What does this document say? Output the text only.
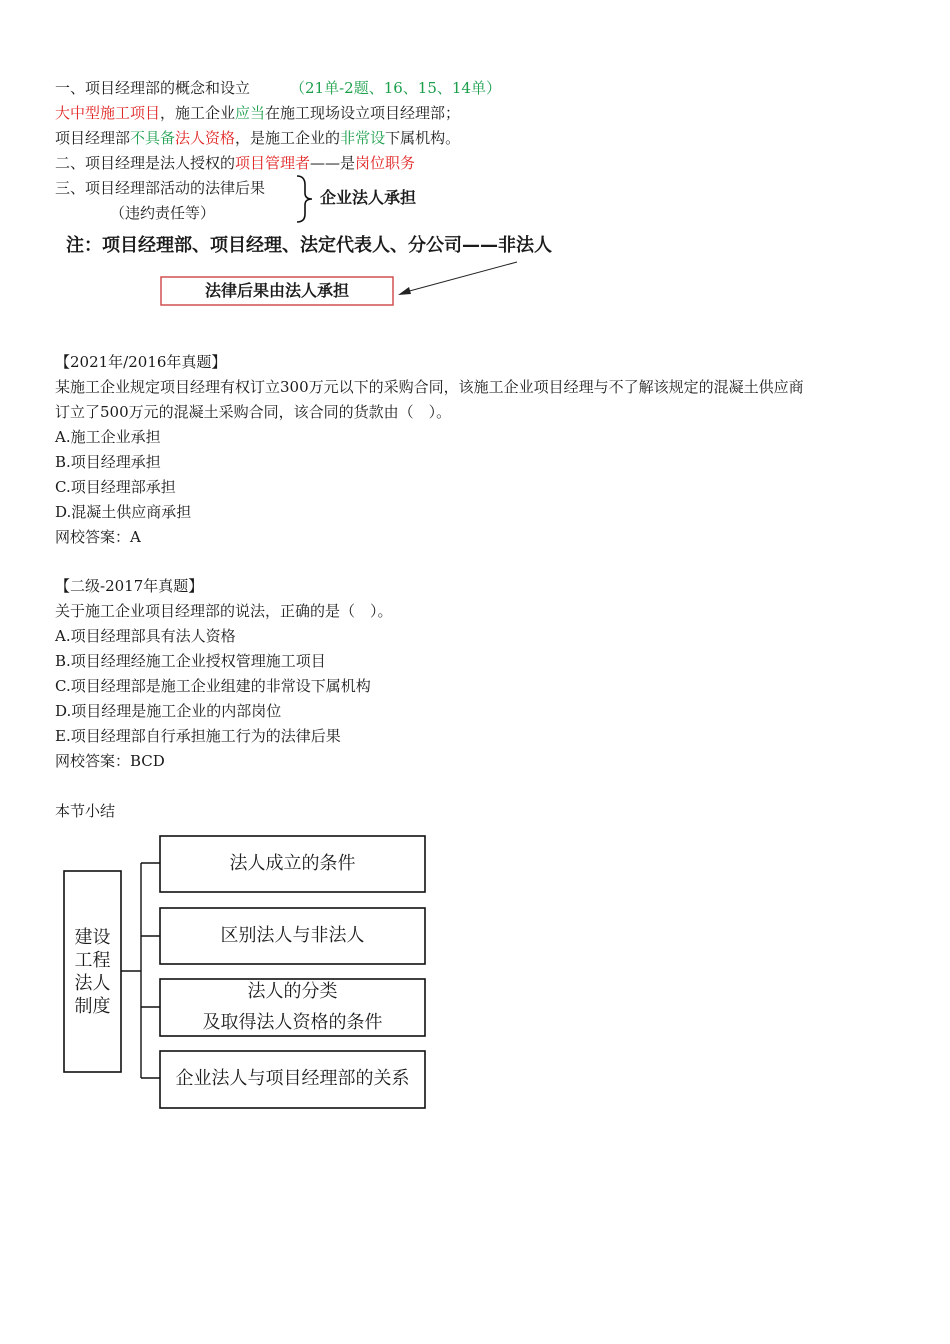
一、项目经理部的概念和设立	（21单-2题、16、15、14单）
大中型施工项目，施工企业应当在施工现场设立项目经理部；
项目经理部不具备法人资格，是施工企业的非常设下属机构。
二、项目经理是法人授权的项目管理者——是岗位职务
三、项目经理部活动的法律后果
（违约责任等）
企业法人承担
注：项目经理部、项目经理、法定代表人、分公司——非法人
法律后果由法人承担
【2021年/2016年真题】
某施工企业规定项目经理有权订立300万元以下的采购合同，该施工企业项目经理与不了解该规定的混凝土供应商
订立了500万元的混凝土采购合同，该合同的货款由（　）。
A.施工企业承担
B.项目经理承担
C.项目经理部承担
D.混凝土供应商承担
网校答案：A
【二级-2017年真题】
关于施工企业项目经理部的说法，正确的是（　）。
A.项目经理部具有法人资格
B.项目经理经施工企业授权管理施工项目
C.项目经理部是施工企业组建的非常设下属机构
D.项目经理是施工企业的内部岗位
E.项目经理部自行承担施工行为的法律后果
网校答案：BCD
本节小结
建设
工程
法人
制度
法人成立的条件
区别法人与非法人
法人的分类
及取得法人资格的条件
企业法人与项目经理部的关系
